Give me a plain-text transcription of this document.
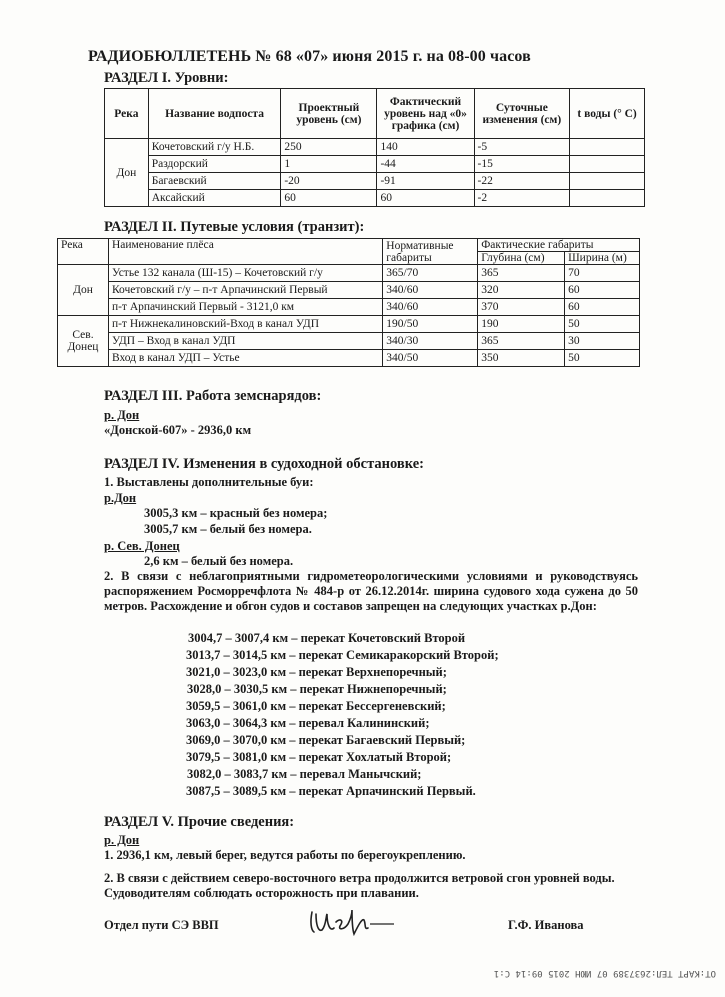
РАДИОБЮЛЛЕТЕНЬ № 68 «07» июня 2015 г. на 08-00 часов
РАЗДЕЛ I. Уровни:
Река	Название водпоста	Проектный уровень (см)	Фактический уровень над «0» графика (см)	Суточные изменения (см)	t воды (° С)
Дон	Кочетовский г/у Н.Б.	250	140	-5	
	Раздорский	1	-44	-15	
	Багаевский	-20	-91	-22	
	Аксайский	60	60	-2	
РАЗДЕЛ II. Путевые условия (транзит):
Река	Наименование плёса	Нормативные габариты	Фактические габариты	
			Глубина (см)	Ширина (м)
Дон	Устье 132 канала (Ш-15) – Кочетовский г/у	365/70	365	70
	Кочетовский г/у – п-т Арпачинский Первый	340/60	320	60
	п-т Арпачинский Первый - 3121,0 км	340/60	370	60
Сев. Донец	п-т Нижнекалиновский-Вход в канал УДП	190/50	190	50
	УДП – Вход в канал УДП	340/30	365	30
	Вход в канал УДП – Устье	340/50	350	50
РАЗДЕЛ III. Работа земснарядов:
р. Дон
«Донской-607» - 2936,0 км
РАЗДЕЛ IV. Изменения в судоходной обстановке:
1. Выставлены дополнительные буи:
р.Дон
3005,3 км – красный без номера;
3005,7 км – белый без номера.
р. Сев. Донец
2,6 км – белый без номера.
2. В связи с неблагоприятными гидрометеорологическими условиями и руководствуясь распоряжением Росморречфлота № 484-р от 26.12.2014г. ширина судового хода сужена до 50 метров. Расхождение и обгон судов и составов запрещен на следующих участках р.Дон:
3004,7 – 3007,4 км – перекат Кочетовский Второй
3013,7 – 3014,5 км – перекат Семикаракорский Второй;
3021,0 – 3023,0 км – перекат Верхнепоречный;
3028,0 – 3030,5 км – перекат Нижнепоречный;
3059,5 – 3061,0 км – перекат Бессергеневский;
3063,0 – 3064,3 км – перевал Калининский;
3069,0 – 3070,0 км – перекат Багаевский Первый;
3079,5 – 3081,0 км – перекат Хохлатый Второй;
3082,0 – 3083,7 км – перевал Манычский;
3087,5 – 3089,5 км – перекат Арпачинский Первый.
РАЗДЕЛ V. Прочие сведения:
р. Дон
1. 2936,1 км, левый берег, ведутся работы по берегоукреплению.
2. В связи с действием северо-восточного ветра продолжится ветровой сгон уровней воды. Судоводителям соблюдать осторожность при плавании.
Отдел пути СЭ ВВП	Г.Ф. Иванова
ОТ:КАРТ ТЕЛ:2637389 07 ИЮН 2015 09:14 С:1
